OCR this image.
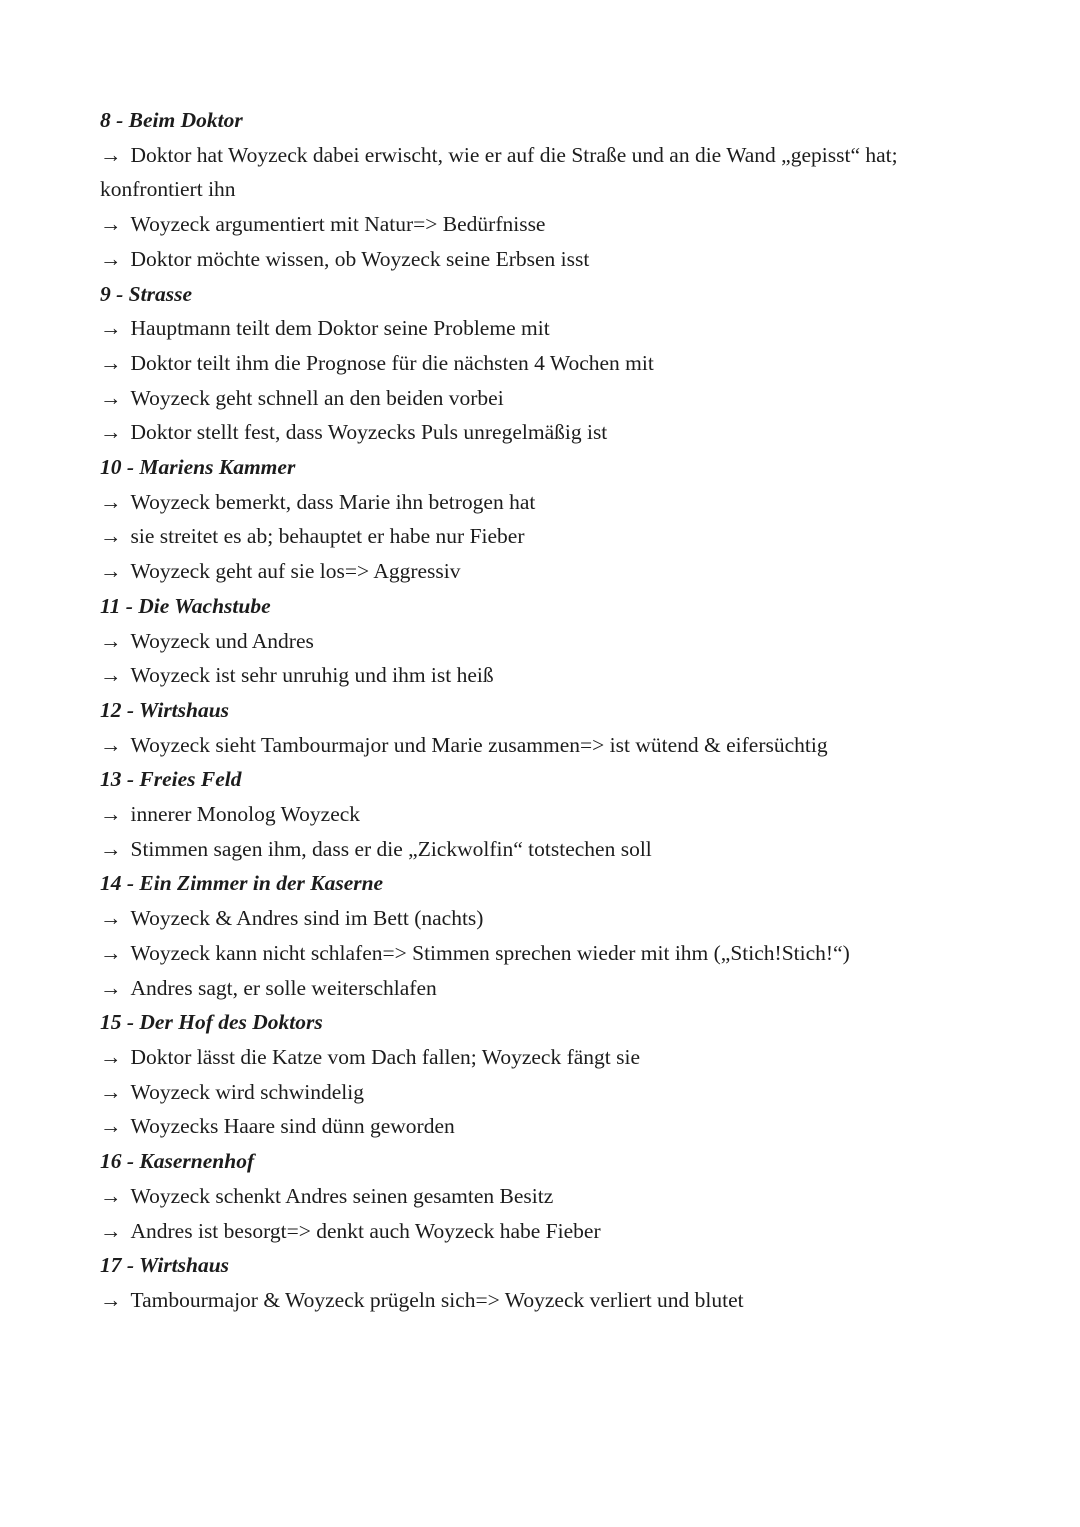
8 - Beim Doktor
→ Doktor hat Woyzeck dabei erwischt, wie er auf die Straße und an die Wand „gepisst“ hat; konfrontiert ihn
→ Woyzeck argumentiert mit Natur=> Bedürfnisse
→ Doktor möchte wissen, ob Woyzeck seine Erbsen isst
9 - Strasse
→ Hauptmann teilt dem Doktor seine Probleme mit
→ Doktor teilt ihm die Prognose für die nächsten 4 Wochen mit
→ Woyzeck geht schnell an den beiden vorbei
→ Doktor stellt fest, dass Woyzecks Puls unregelmäßig ist
10 - Mariens Kammer
→ Woyzeck bemerkt, dass Marie ihn betrogen hat
→ sie streitet es ab; behauptet er habe nur Fieber
→ Woyzeck geht auf sie los=> Aggressiv
11 - Die Wachstube
→ Woyzeck und Andres
→ Woyzeck ist sehr unruhig und ihm ist heiß
12 - Wirtshaus
→ Woyzeck sieht Tambourmajor und Marie zusammen=> ist wütend & eifersüchtig
13 - Freies Feld
→ innerer Monolog Woyzeck
→ Stimmen sagen ihm, dass er die „Zickwolfin“ totstechen soll
14 - Ein Zimmer in der Kaserne
→ Woyzeck & Andres sind im Bett (nachts)
→ Woyzeck kann nicht schlafen=> Stimmen sprechen wieder mit ihm („Stich!Stich!“)
→ Andres sagt, er solle weiterschlafen
15 - Der Hof des Doktors
→ Doktor lässt die Katze vom Dach fallen; Woyzeck fängt sie
→ Woyzeck wird schwindelig
→ Woyzecks Haare sind dünn geworden
16 - Kasernenhof
→ Woyzeck schenkt Andres seinen gesamten Besitz
→ Andres ist besorgt=> denkt auch Woyzeck habe Fieber
17 - Wirtshaus
→ Tambourmajor & Woyzeck prügeln sich=> Woyzeck verliert und blutet
